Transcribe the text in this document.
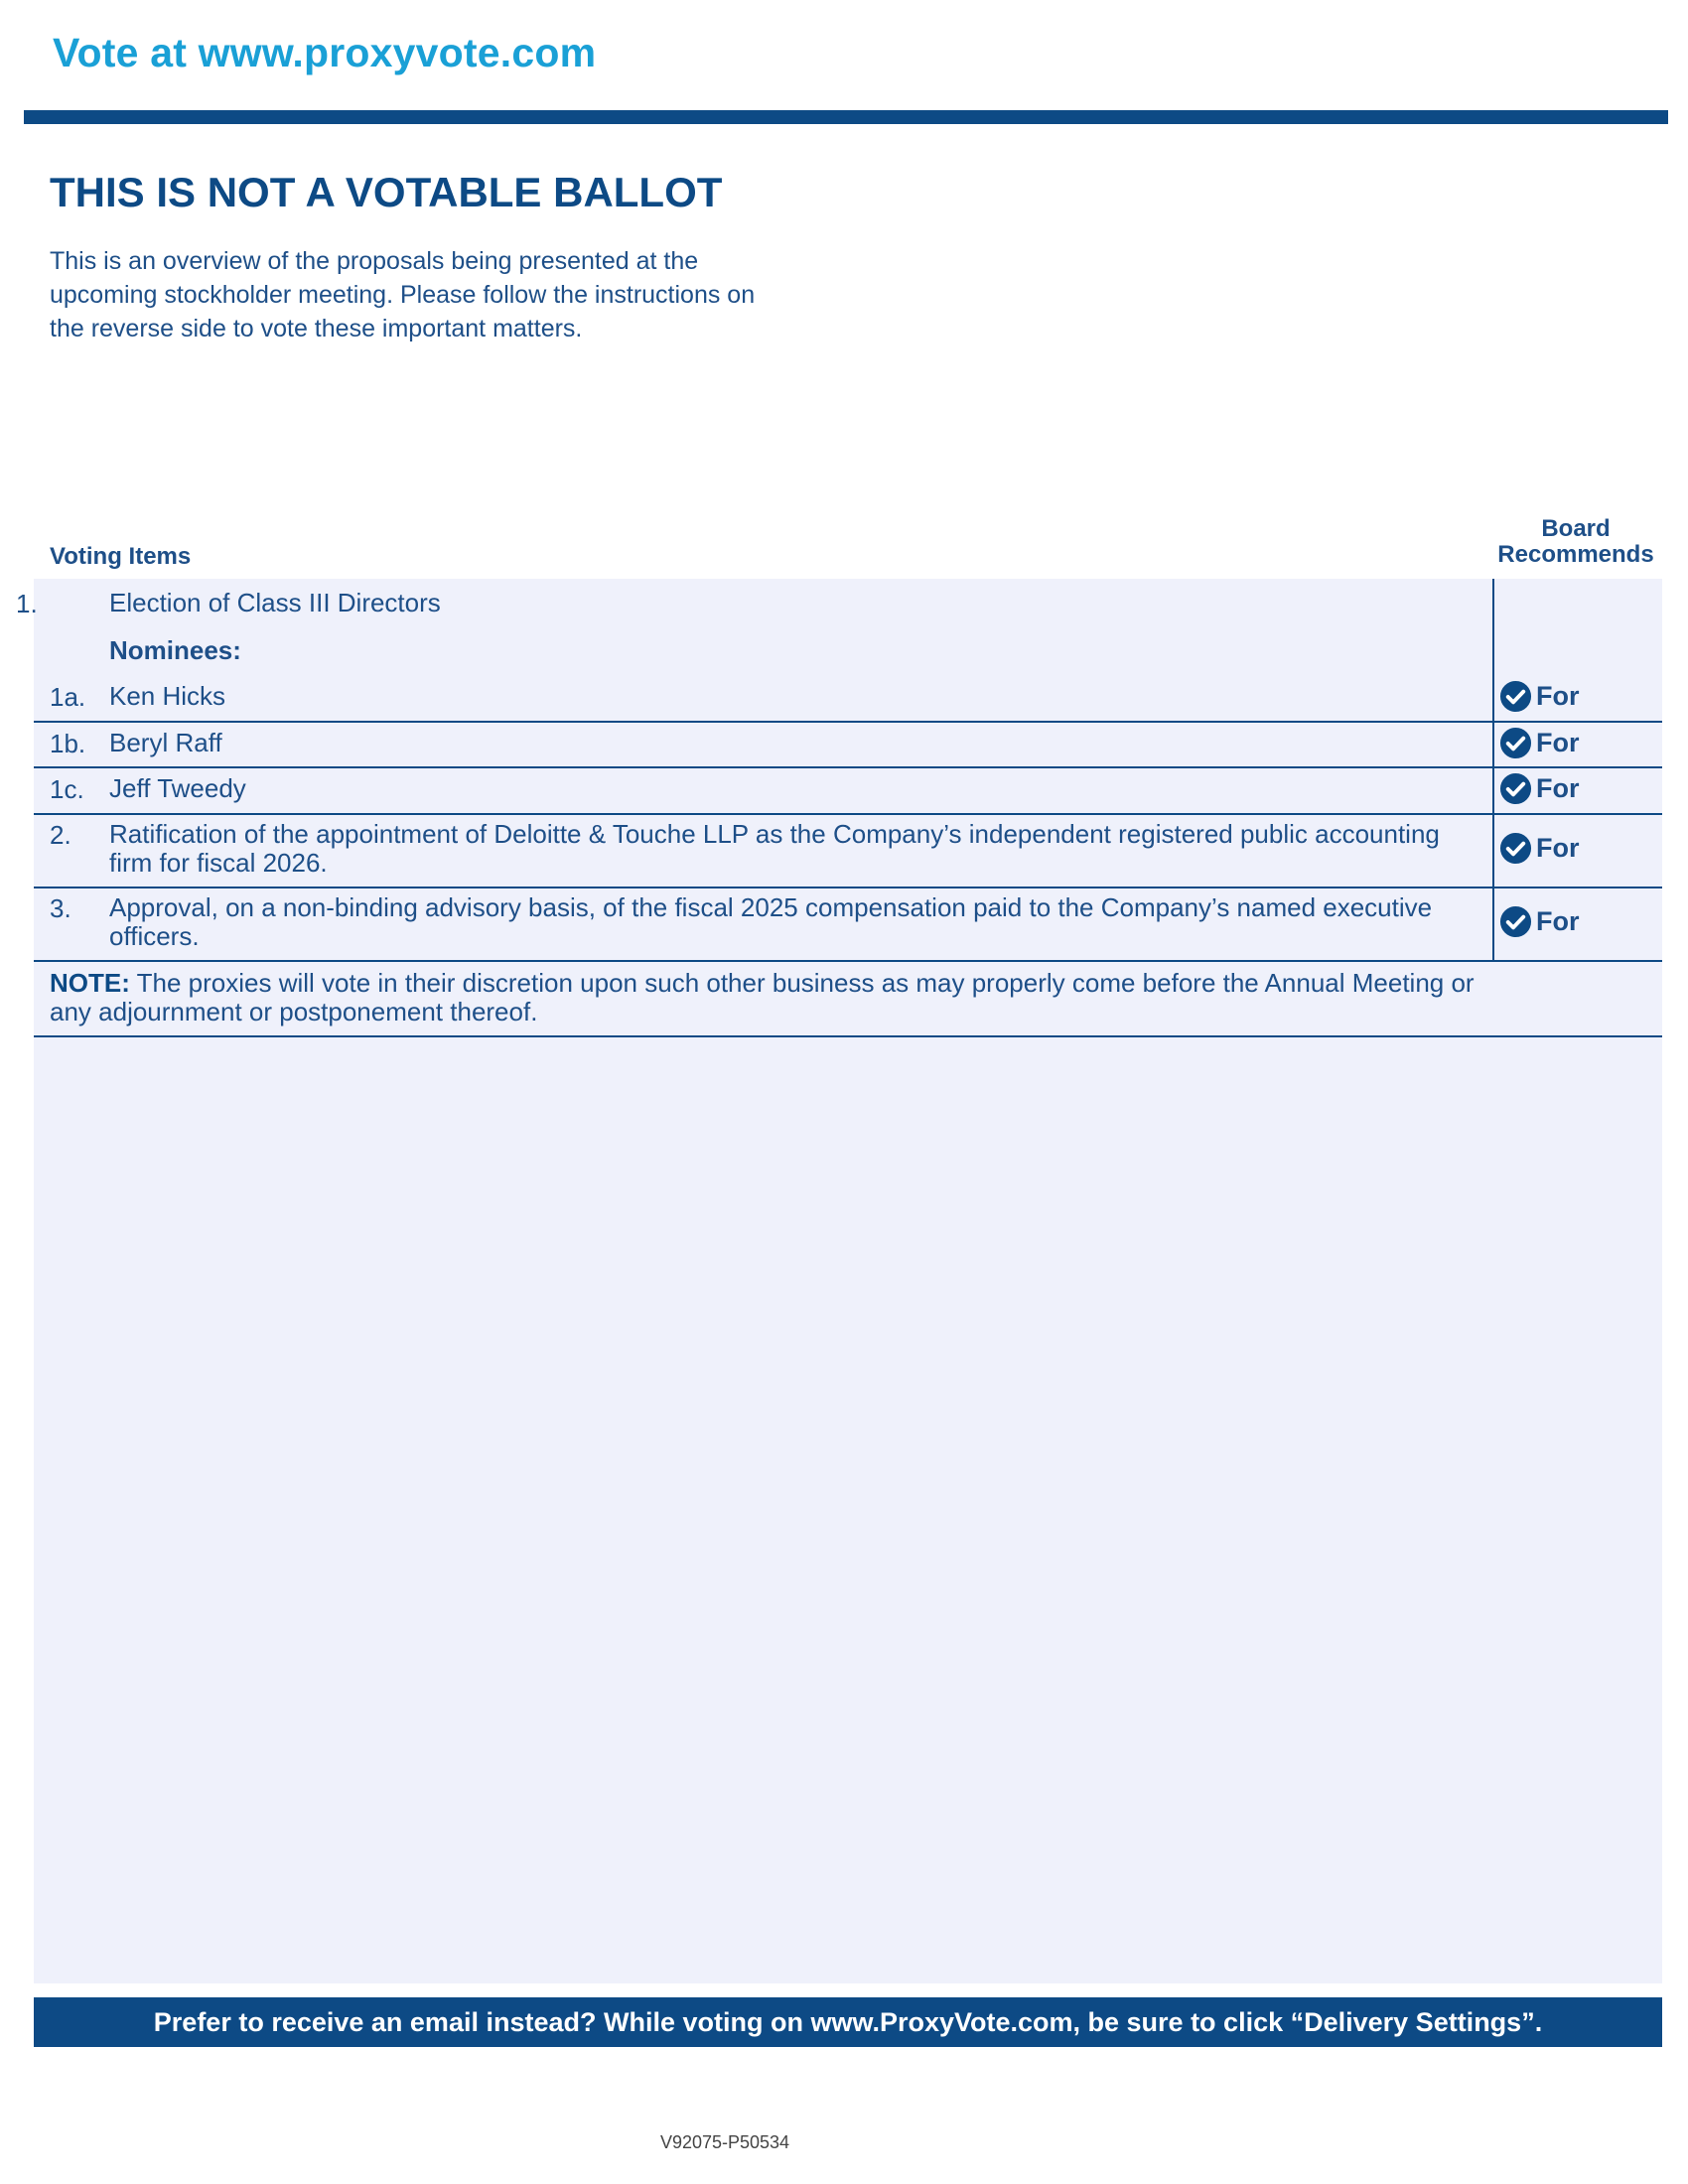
Vote at www.proxyvote.com
THIS IS NOT A VOTABLE BALLOT
This is an overview of the proposals being presented at the
upcoming stockholder meeting. Please follow the instructions on
the reverse side to vote these important matters.
Voting Items
Board
Recommends
1.	Election of Class III Directors
Nominees:
1a. Ken Hicks	For
1b. Beryl Raff	For
1c. Jeff Tweedy	For
2. Ratification of the appointment of Deloitte & Touche LLP as the Company’s independent registered public accounting firm for fiscal 2026.	For
3. Approval, on a non-binding advisory basis, of the fiscal 2025 compensation paid to the Company’s named executive officers.	For
NOTE: The proxies will vote in their discretion upon such other business as may properly come before the Annual Meeting or any adjournment or postponement thereof.
Prefer to receive an email instead? While voting on www.ProxyVote.com, be sure to click “Delivery Settings”.
V92075-P50534
